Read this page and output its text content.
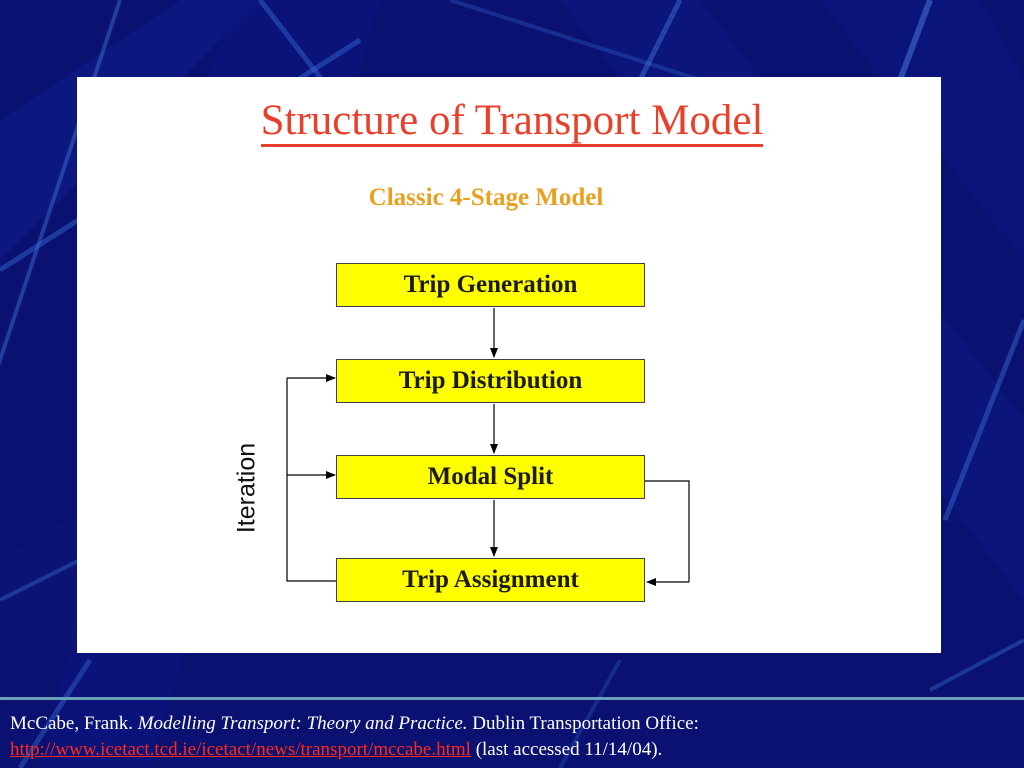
Structure of Transport Model
Classic 4-Stage Model
Trip Generation
Trip Distribution
Modal Split
Trip Assignment
Iteration
McCabe, Frank. Modelling Transport: Theory and Practice. Dublin Transportation Office:
http://www.icetact.tcd.ie/icetact/news/transport/mccabe.html (last accessed 11/14/04).
